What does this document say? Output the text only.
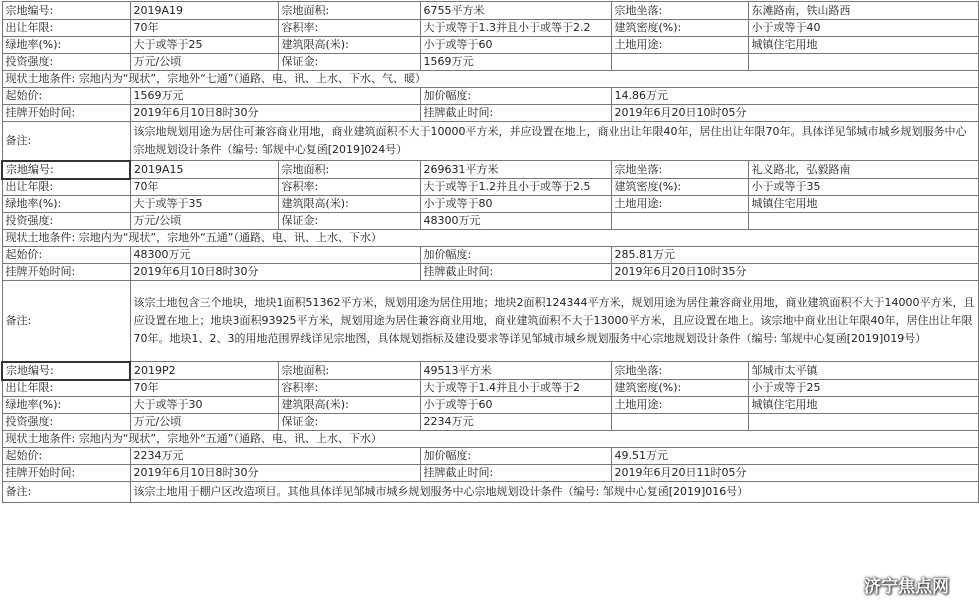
宗地编号:	2019A19	宗地面积:	6755平方米	宗地坐落:	东滩路南，铁山路西
出让年限:	70年	容积率:	大于或等于1.3并且小于或等于2.2	建筑密度(%):	小于或等于40
绿地率(%):	大于或等于25	建筑限高(米):	小于或等于60	土地用途:	城镇住宅用地
投资强度:	万元/公顷	保证金:	1569万元		
现状土地条件: 宗地内为“现状”，宗地外“七通”（通路、电、讯、上水、下水、气、暖）					
起始价:	1569万元		加价幅度:	14.86万元	
挂牌开始时间:	2019年6月10日8时30分		挂牌截止时间:	2019年6月20日10时05分	
备注:	该宗地规划用途为居住可兼容商业用地，商业建筑面积不大于10000平方米，并应设置在地上，商业出让年限40年，居住出让年限70年。具体详见邹城市城乡规划服务中心宗地规划设计条件（编号: 邹规中心复函[2019]024号）				
宗地编号:	2019A15	宗地面积:	269631平方米	宗地坐落:	礼义路北，弘毅路南
出让年限:	70年	容积率:	大于或等于1.2并且小于或等于2.5	建筑密度(%):	小于或等于35
绿地率(%):	大于或等于35	建筑限高(米):	小于或等于80	土地用途:	城镇住宅用地
投资强度:	万元/公顷	保证金:	48300万元		
现状土地条件: 宗地内为“现状”，宗地外“五通”（通路、电、讯、上水、下水）					
起始价:	48300万元		加价幅度:	285.81万元	
挂牌开始时间:	2019年6月10日8时30分		挂牌截止时间:	2019年6月20日10时35分	
备注:	该宗土地包含三个地块，地块1面积51362平方米，规划用途为居住用地；地块2面积124344平方米，规划用途为居住兼容商业用地，商业建筑面积不大于14000平方米，且应设置在地上；地块3面积93925平方米，规划用途为居住兼容商业用地，商业建筑面积不大于13000平方米，且应设置在地上。该宗地中商业出让年限40年，居住出让年限70年。地块1、2、3的用地范围界线详见宗地图，具体规划指标及建设要求等详见邹城市城乡规划服务中心宗地规划设计条件（编号: 邹规中心复函[2019]019号）				
宗地编号:	2019P2	宗地面积:	49513平方米	宗地坐落:	邹城市太平镇
出让年限:	70年	容积率:	大于或等于1.4并且小于或等于2	建筑密度(%):	小于或等于25
绿地率(%):	大于或等于30	建筑限高(米):	小于或等于60	土地用途:	城镇住宅用地
投资强度:	万元/公顷	保证金:	2234万元		
现状土地条件: 宗地内为“现状”，宗地外“五通”（通路、电、讯、上水、下水）					
起始价:	2234万元		加价幅度:	49.51万元	
挂牌开始时间:	2019年6月10日8时30分		挂牌截止时间:	2019年6月20日11时05分	
备注:	该宗土地用于棚户区改造项目。其他具体详见邹城市城乡规划服务中心宗地规划设计条件（编号: 邹规中心复函[2019]016号）				
济宁焦点网
